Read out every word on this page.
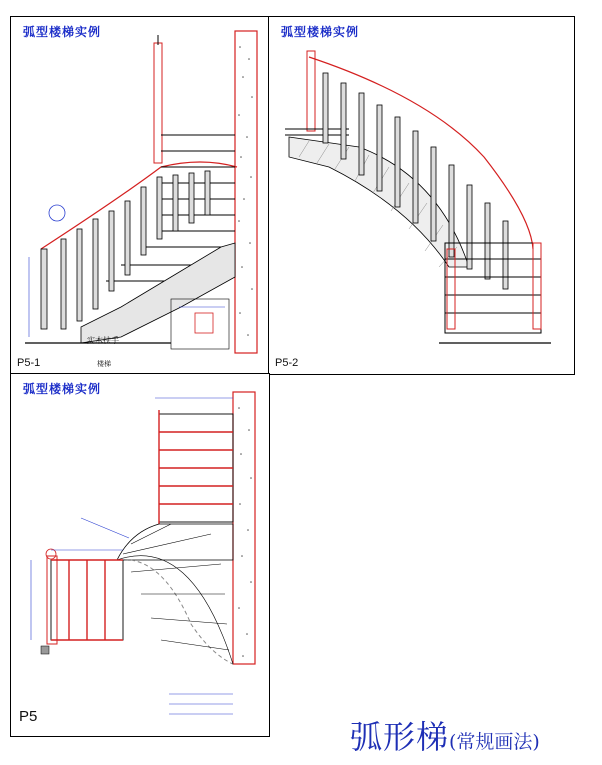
弧型楼梯实例
实木扶手
楼梯
P5-1
弧型楼梯实例
P5-2
弧型楼梯实例
P5
弧形梯(常规画法)
